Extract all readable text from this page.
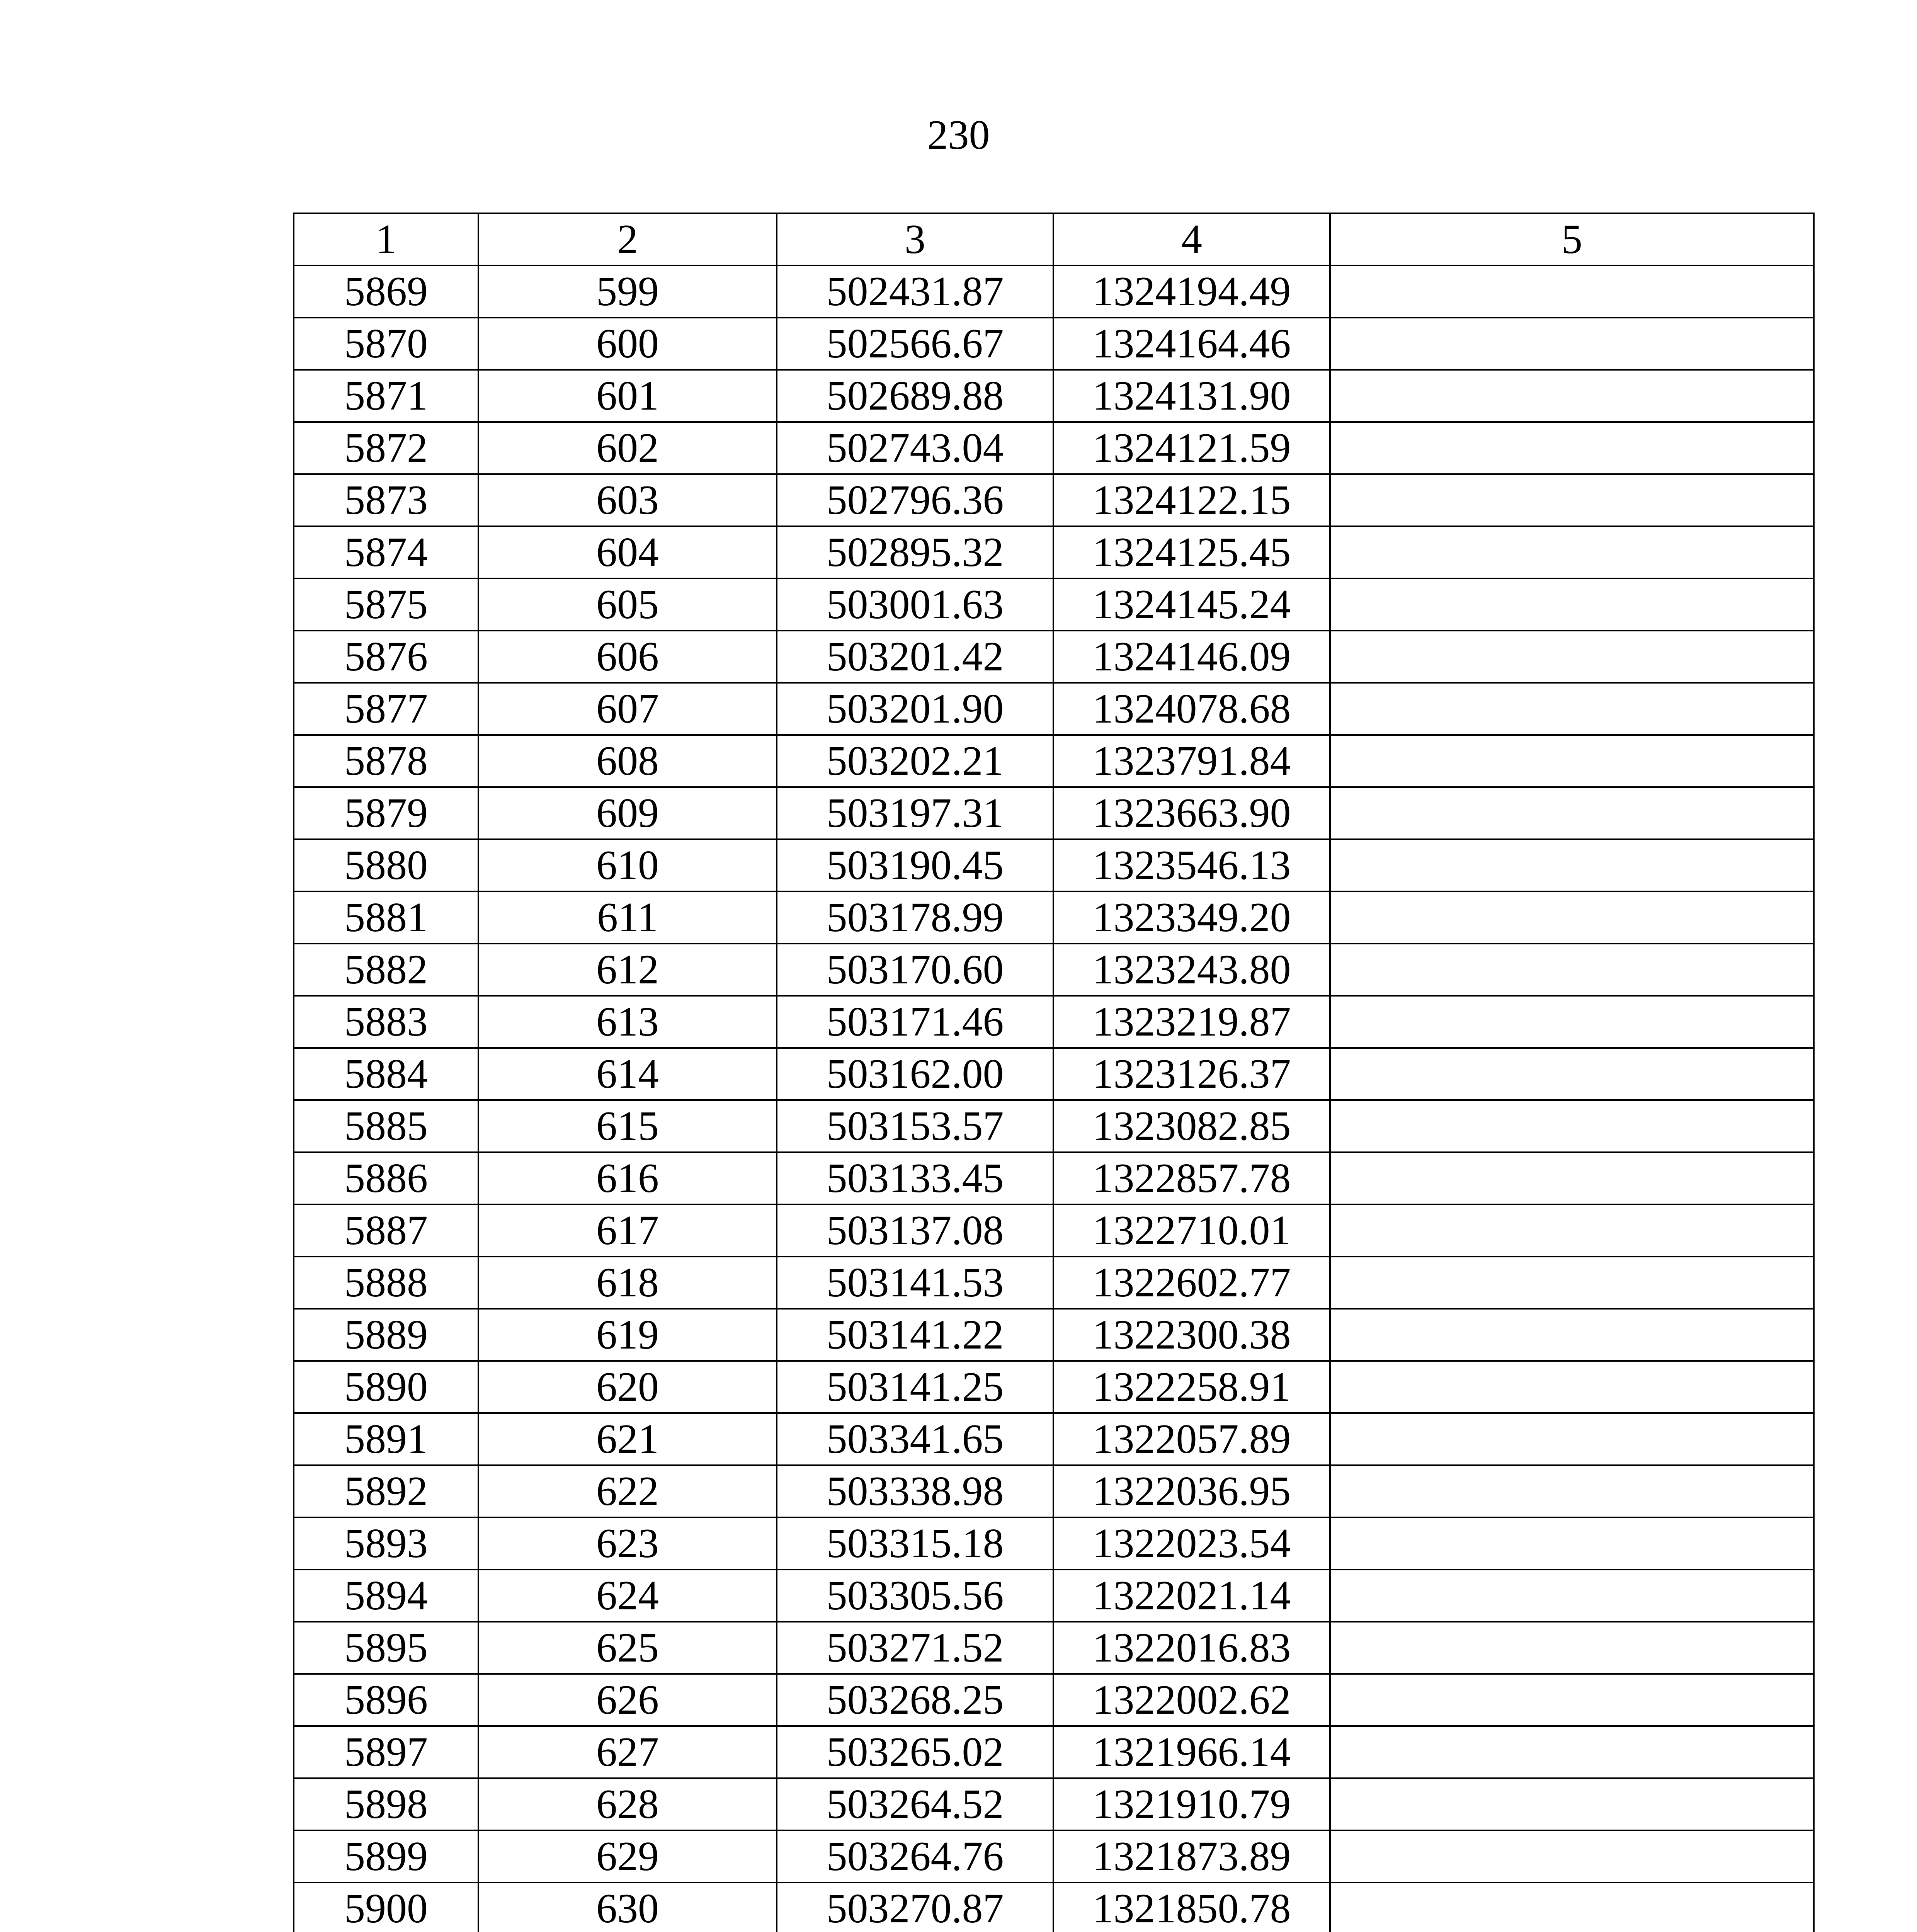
230
1	2	3	4	5
5869	599	502431.87	1324194.49	
5870	600	502566.67	1324164.46	
5871	601	502689.88	1324131.90	
5872	602	502743.04	1324121.59	
5873	603	502796.36	1324122.15	
5874	604	502895.32	1324125.45	
5875	605	503001.63	1324145.24	
5876	606	503201.42	1324146.09	
5877	607	503201.90	1324078.68	
5878	608	503202.21	1323791.84	
5879	609	503197.31	1323663.90	
5880	610	503190.45	1323546.13	
5881	611	503178.99	1323349.20	
5882	612	503170.60	1323243.80	
5883	613	503171.46	1323219.87	
5884	614	503162.00	1323126.37	
5885	615	503153.57	1323082.85	
5886	616	503133.45	1322857.78	
5887	617	503137.08	1322710.01	
5888	618	503141.53	1322602.77	
5889	619	503141.22	1322300.38	
5890	620	503141.25	1322258.91	
5891	621	503341.65	1322057.89	
5892	622	503338.98	1322036.95	
5893	623	503315.18	1322023.54	
5894	624	503305.56	1322021.14	
5895	625	503271.52	1322016.83	
5896	626	503268.25	1322002.62	
5897	627	503265.02	1321966.14	
5898	628	503264.52	1321910.79	
5899	629	503264.76	1321873.89	
5900	630	503270.87	1321850.78	
